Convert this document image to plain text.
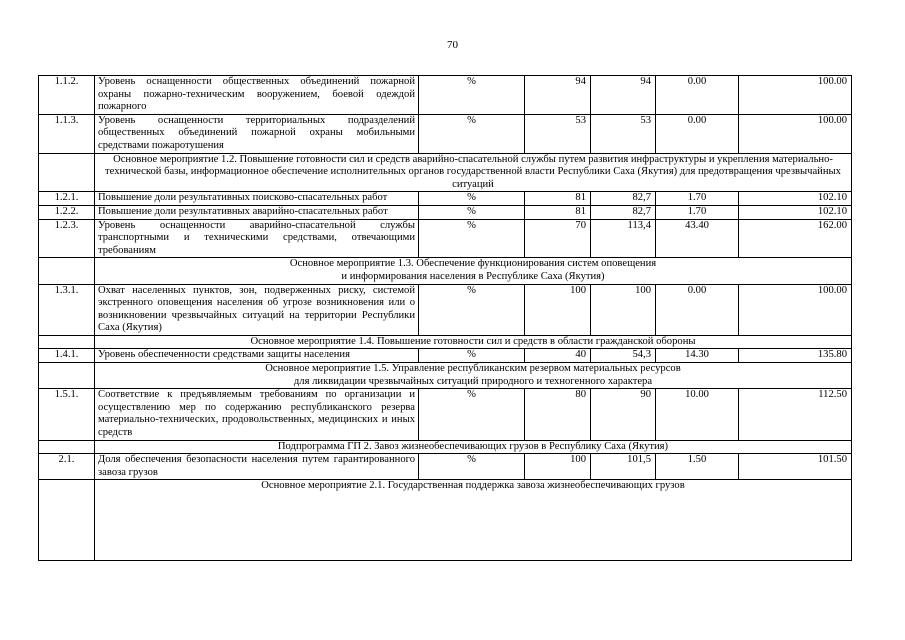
70
1.1.2.	Уровень оснащенности общественных объединений пожарной охраны пожарно-техническим вооружением, боевой одеждой пожарного	%	94	94	0.00	100.00
1.1.3.	Уровень оснащенности территориальных подразделений общественных объединений пожарной охраны мобильными средствами пожаротушения	%	53	53	0.00	100.00
	Основное мероприятие 1.2. Повышение готовности сил и средств аварийно-спасательной службы путем развития инфраструктуры и укрепления материально-технической базы, информационное обеспечение исполнительных органов государственной власти Республики Саха (Якутия) для предотвращения чрезвычайных ситуаций					
1.2.1.	Повышение доли результативных поисково-спасательных работ	%	81	82,7	1.70	102.10
1.2.2.	Повышение доли результативных аварийно-спасательных работ	%	81	82,7	1.70	102.10
1.2.3.	Уровень оснащенности аварийно-спасательной службы транспортными и техническими средствами, отвечающими требованиям	%	70	113,4	43.40	162.00
	Основное мероприятие 1.3. Обеспечение функционирования систем оповещения
и информирования населения в Республике Саха (Якутия)					
1.3.1.	Охват населенных пунктов, зон, подверженных риску, системой экстренного оповещения населения об угрозе возникновения или о возникновении чрезвычайных ситуаций на территории Республики Саха (Якутия)	%	100	100	0.00	100.00
	Основное мероприятие 1.4. Повышение готовности сил и средств в области гражданской обороны					
1.4.1.	Уровень обеспеченности средствами защиты населения	%	40	54,3	14.30	135.80
	Основное мероприятие 1.5. Управление республиканским резервом материальных ресурсов
для ликвидации чрезвычайных ситуаций природного и техногенного характера					
1.5.1.	Соответствие к предъявляемым требованиям по организации и осуществлению мер по содержанию республиканского резерва материально-технических, продовольственных, медицинских и иных средств	%	80	90	10.00	112.50
	Подпрограмма ГП 2. Завоз жизнеобеспечивающих грузов в Республику Саха (Якутия)					
2.1.	Доля обеспечения безопасности населения путем гарантированного завоза грузов	%	100	101,5	1.50	101.50
	Основное мероприятие 2.1. Государственная поддержка завоза жизнеобеспечивающих грузов					
